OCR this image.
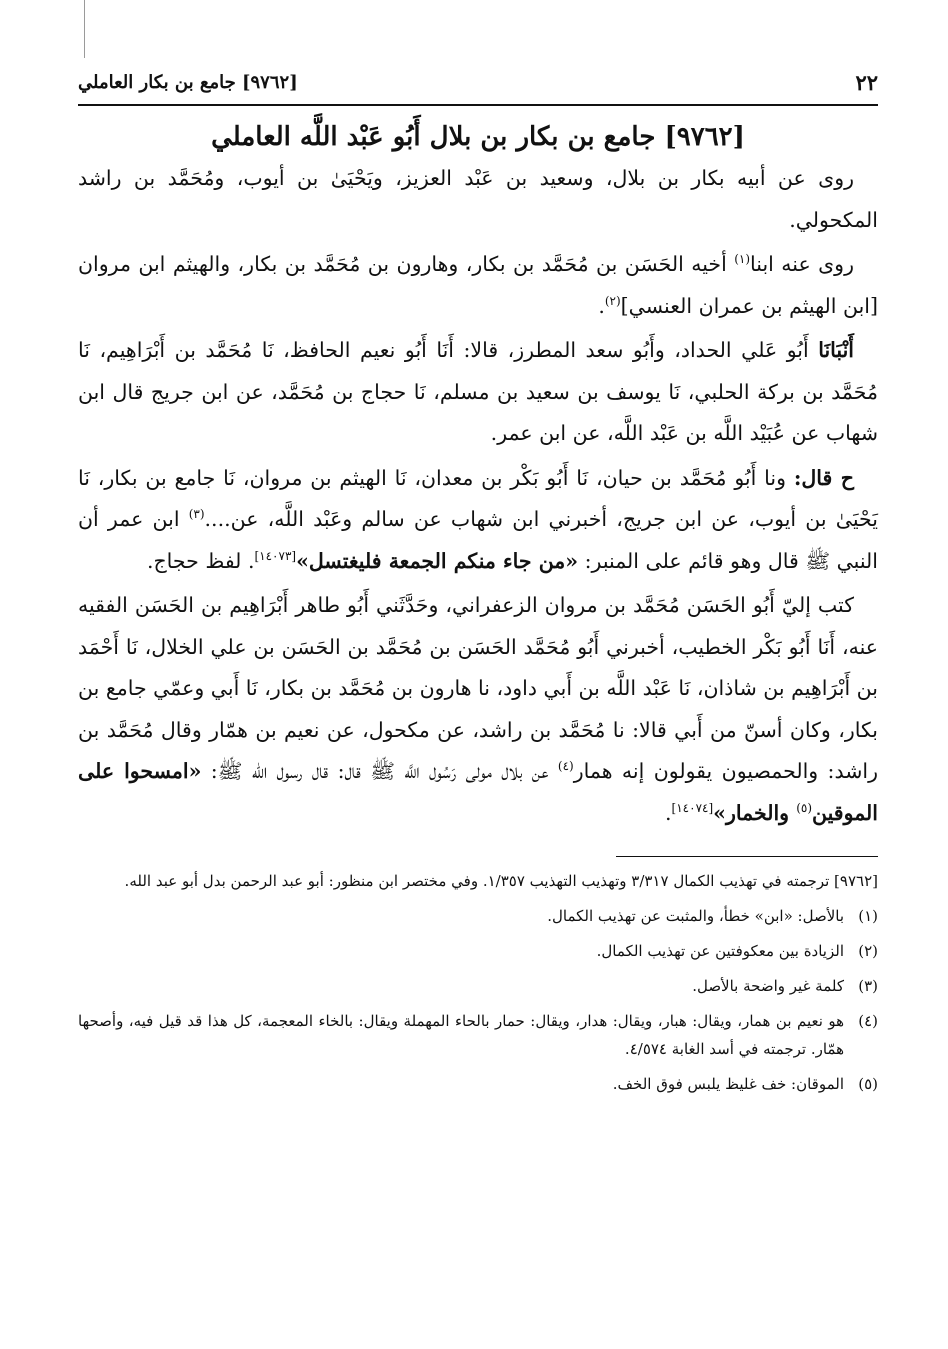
٢٢
[٩٧٦٢] جامع بن بكار العاملي
[٩٧٦٢] جامع بن بكار بن بلال أَبُو عَبْد اللَّه العاملي

روى عن أبيه بكار بن بلال، وسعيد بن عَبْد العزيز، ويَحْيَىٰ بن أيوب، ومُحَمَّد بن راشد المكحولي.

روى عنه ابنا$^{(١)}$ أخيه الحَسَن بن مُحَمَّد بن بكار، وهارون بن مُحَمَّد بن بكار، والهيثم ابن مروان [ابن الهيثم بن عمران العنسي]$^{(٢)}$.

أَنْبَانَا أَبُو عَلي الحداد، وأَبُو سعد المطرز، قالا: أَنَا أَبُو نعيم الحافظ، نَا مُحَمَّد بن أَبْرَاهِيم، نَا مُحَمَّد بن بركة الحلبي، نَا يوسف بن سعيد بن مسلم، نَا حجاج بن مُحَمَّد، عن ابن جريج قال ابن شهاب عن عُبَيْد اللَّه بن عَبْد اللَّه، عن ابن عمر.

ح قال: ونا أَبُو مُحَمَّد بن حيان، نَا أَبُو بَكْر بن معدان، نَا الهيثم بن مروان، نَا جامع بن بكار، نَا يَحْيَىٰ بن أيوب، عن ابن جريج، أخبرني ابن شهاب عن سالم وعَبْد اللَّه، عن....$^{(٣)}$ ابن عمر أن النبي ﷺ قال وهو قائم على المنبر: «من جاء منكم الجمعة فليغتسل»[١٤٠٧٣]. لفظ حجاج.

كتب إليّ أَبُو الحَسَن مُحَمَّد بن مروان الزعفراني، وحَدَّثَني أَبُو طاهر أَبْرَاهِيم بن الحَسَن الفقيه عنه، أَنَا أَبُو بَكْر الخطيب، أخبرني أَبُو مُحَمَّد الحَسَن بن مُحَمَّد بن الحَسَن بن علي الخلال، نَا أَحْمَد بن أَبْرَاهِيم بن شاذان، نَا عَبْد اللَّه بن أَبي داود، نا هارون بن مُحَمَّد بن بكار، نَا أَبي وعمّي جامع بن بكار، وكان أسنّ من أَبي قالا: نا مُحَمَّد بن راشد، عن مكحول، عن نعيم بن همّار وقال مُحَمَّد بن راشد: والحمصيون يقولون إنه همار$^{(٤)}$ عن بلال مولى رَسُول اللَّه ﷺ قال: قال رسول الله ﷺ: «امسحوا على الموقين$^{(٥)}$ والخمار»[١٤٠٧٤].

[٩٧٦٢] ترجمته في تهذيب الكمال ٣/٣١٧ وتهذيب التهذيب ١/٣٥٧. وفي مختصر ابن منظور: أبو عبد الرحمن بدل أبو عبد الله.
(١)
بالأصل: «ابن» خطأ، والمثبت عن تهذيب الكمال.
(٢)
الزيادة بين معكوفتين عن تهذيب الكمال.
(٣)
كلمة غير واضحة بالأصل.
(٤)
هو نعيم بن همار، ويقال: هبار، ويقال: هدار، ويقال: حمار بالحاء المهملة ويقال: بالخاء المعجمة، كل هذا قد قيل فيه، وأصحها همّار. ترجمته في أسد الغابة ٤/٥٧٤.
(٥)
الموقان: خف غليظ يلبس فوق الخف.
